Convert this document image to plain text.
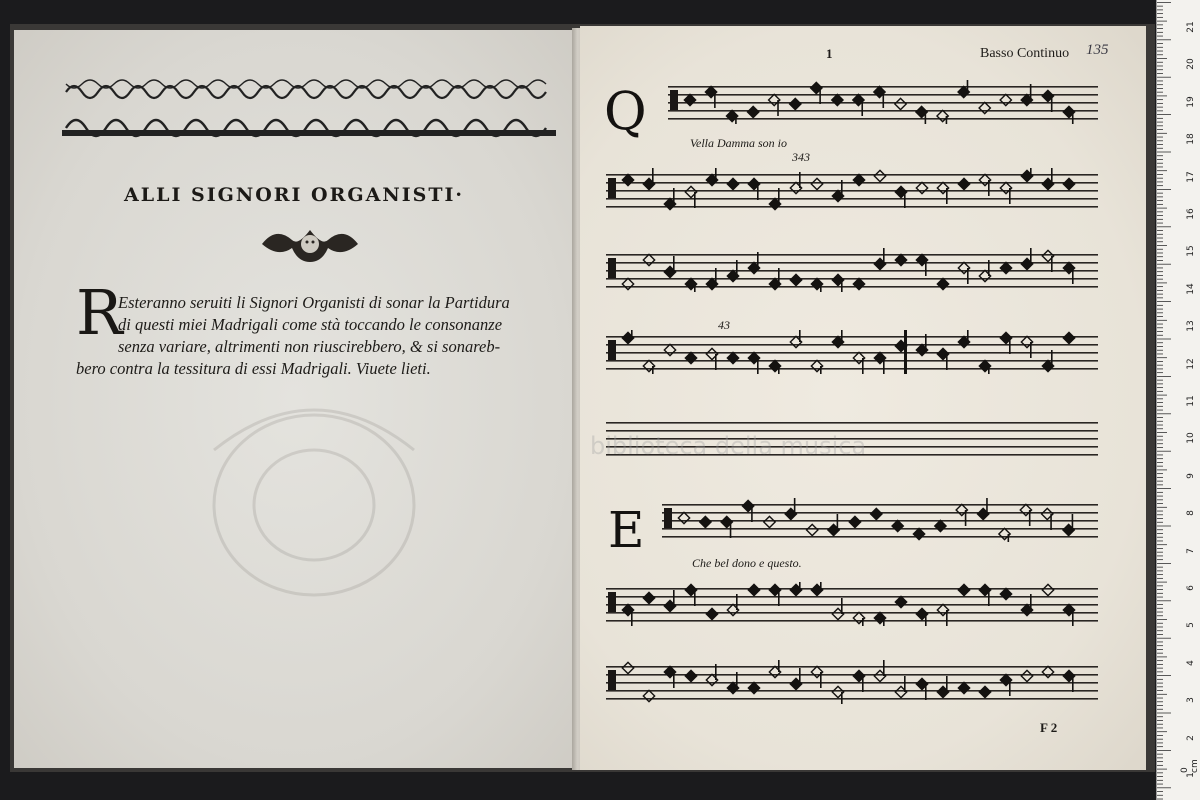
ALLI SIGNORI ORGANISTI·
R
Esteranno seruiti li Signori Organisti di sonar la Partidura
di questi miei Madrigali come stà toccando le consonanze
senza variare, altrimenti non riuscirebbero, & si sonareb-
bero contra la tessitura di essi Madrigali. Viuete lieti.
1	Basso Continuo 135
Q
Vella Damma son io
343
43
E
Che bel dono e questo.
F 2
biblioteca della musica
21
20
19
18
17
16
15
14
13
12
11
10
9
8
7
6
5
4
3
2
1
0 cm
